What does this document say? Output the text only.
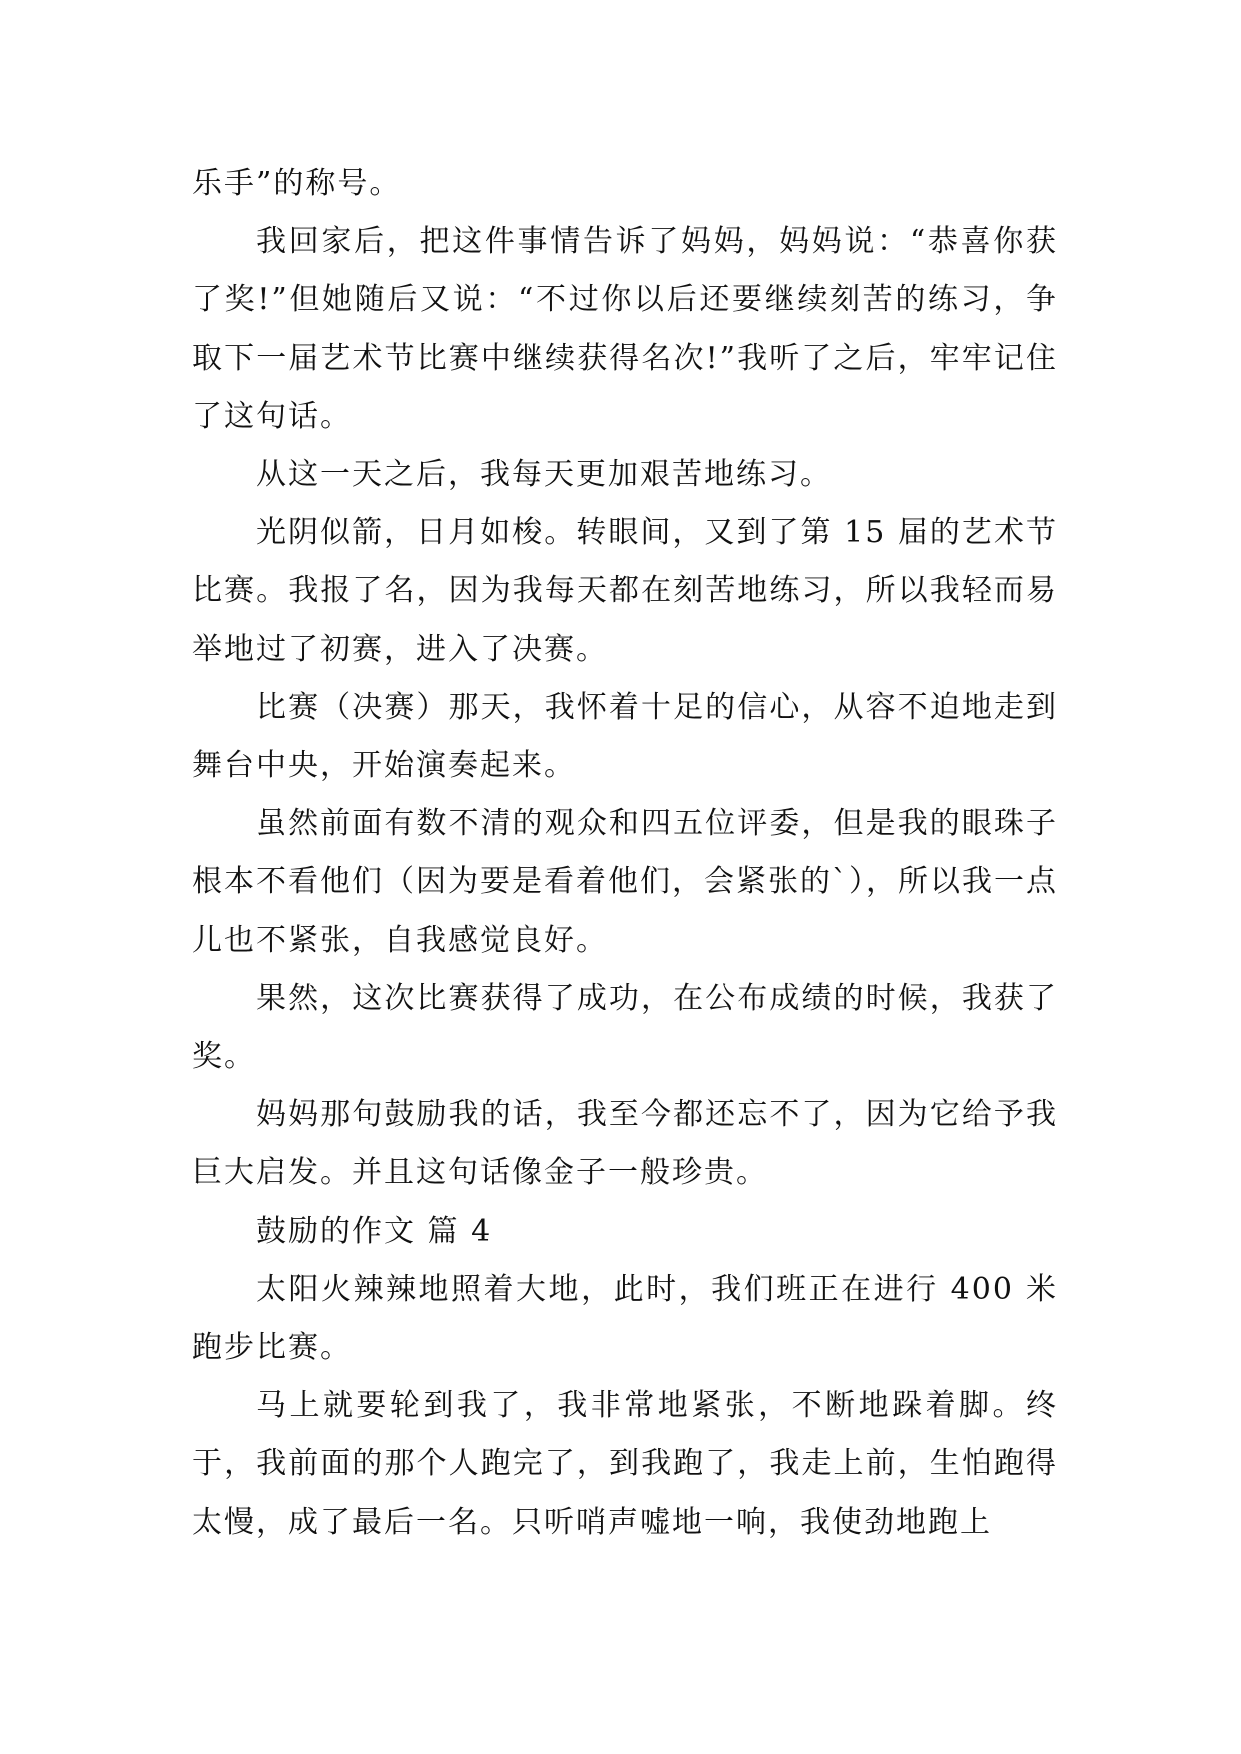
乐手”的称号。

我回家后，把这件事情告诉了妈妈，妈妈说：“恭喜你获了奖!”但她随后又说：“不过你以后还要继续刻苦的练习，争取下一届艺术节比赛中继续获得名次!”我听了之后，牢牢记住了这句话。

从这一天之后，我每天更加艰苦地练习。

光阴似箭，日月如梭。转眼间，又到了第 15 届的艺术节比赛。我报了名，因为我每天都在刻苦地练习，所以我轻而易举地过了初赛，进入了决赛。

比赛（决赛）那天，我怀着十足的信心，从容不迫地走到舞台中央，开始演奏起来。

虽然前面有数不清的观众和四五位评委，但是我的眼珠子根本不看他们（因为要是看着他们，会紧张的`），所以我一点儿也不紧张，自我感觉良好。

果然，这次比赛获得了成功，在公布成绩的时候，我获了奖。

妈妈那句鼓励我的话，我至今都还忘不了，因为它给予我巨大启发。并且这句话像金子一般珍贵。

鼓励的作文 篇 4

太阳火辣辣地照着大地，此时，我们班正在进行 400 米跑步比赛。

马上就要轮到我了，我非常地紧张，不断地跺着脚。终于，我前面的那个人跑完了，到我跑了，我走上前，生怕跑得太慢，成了最后一名。只听哨声嘘地一响，我使劲地跑上
